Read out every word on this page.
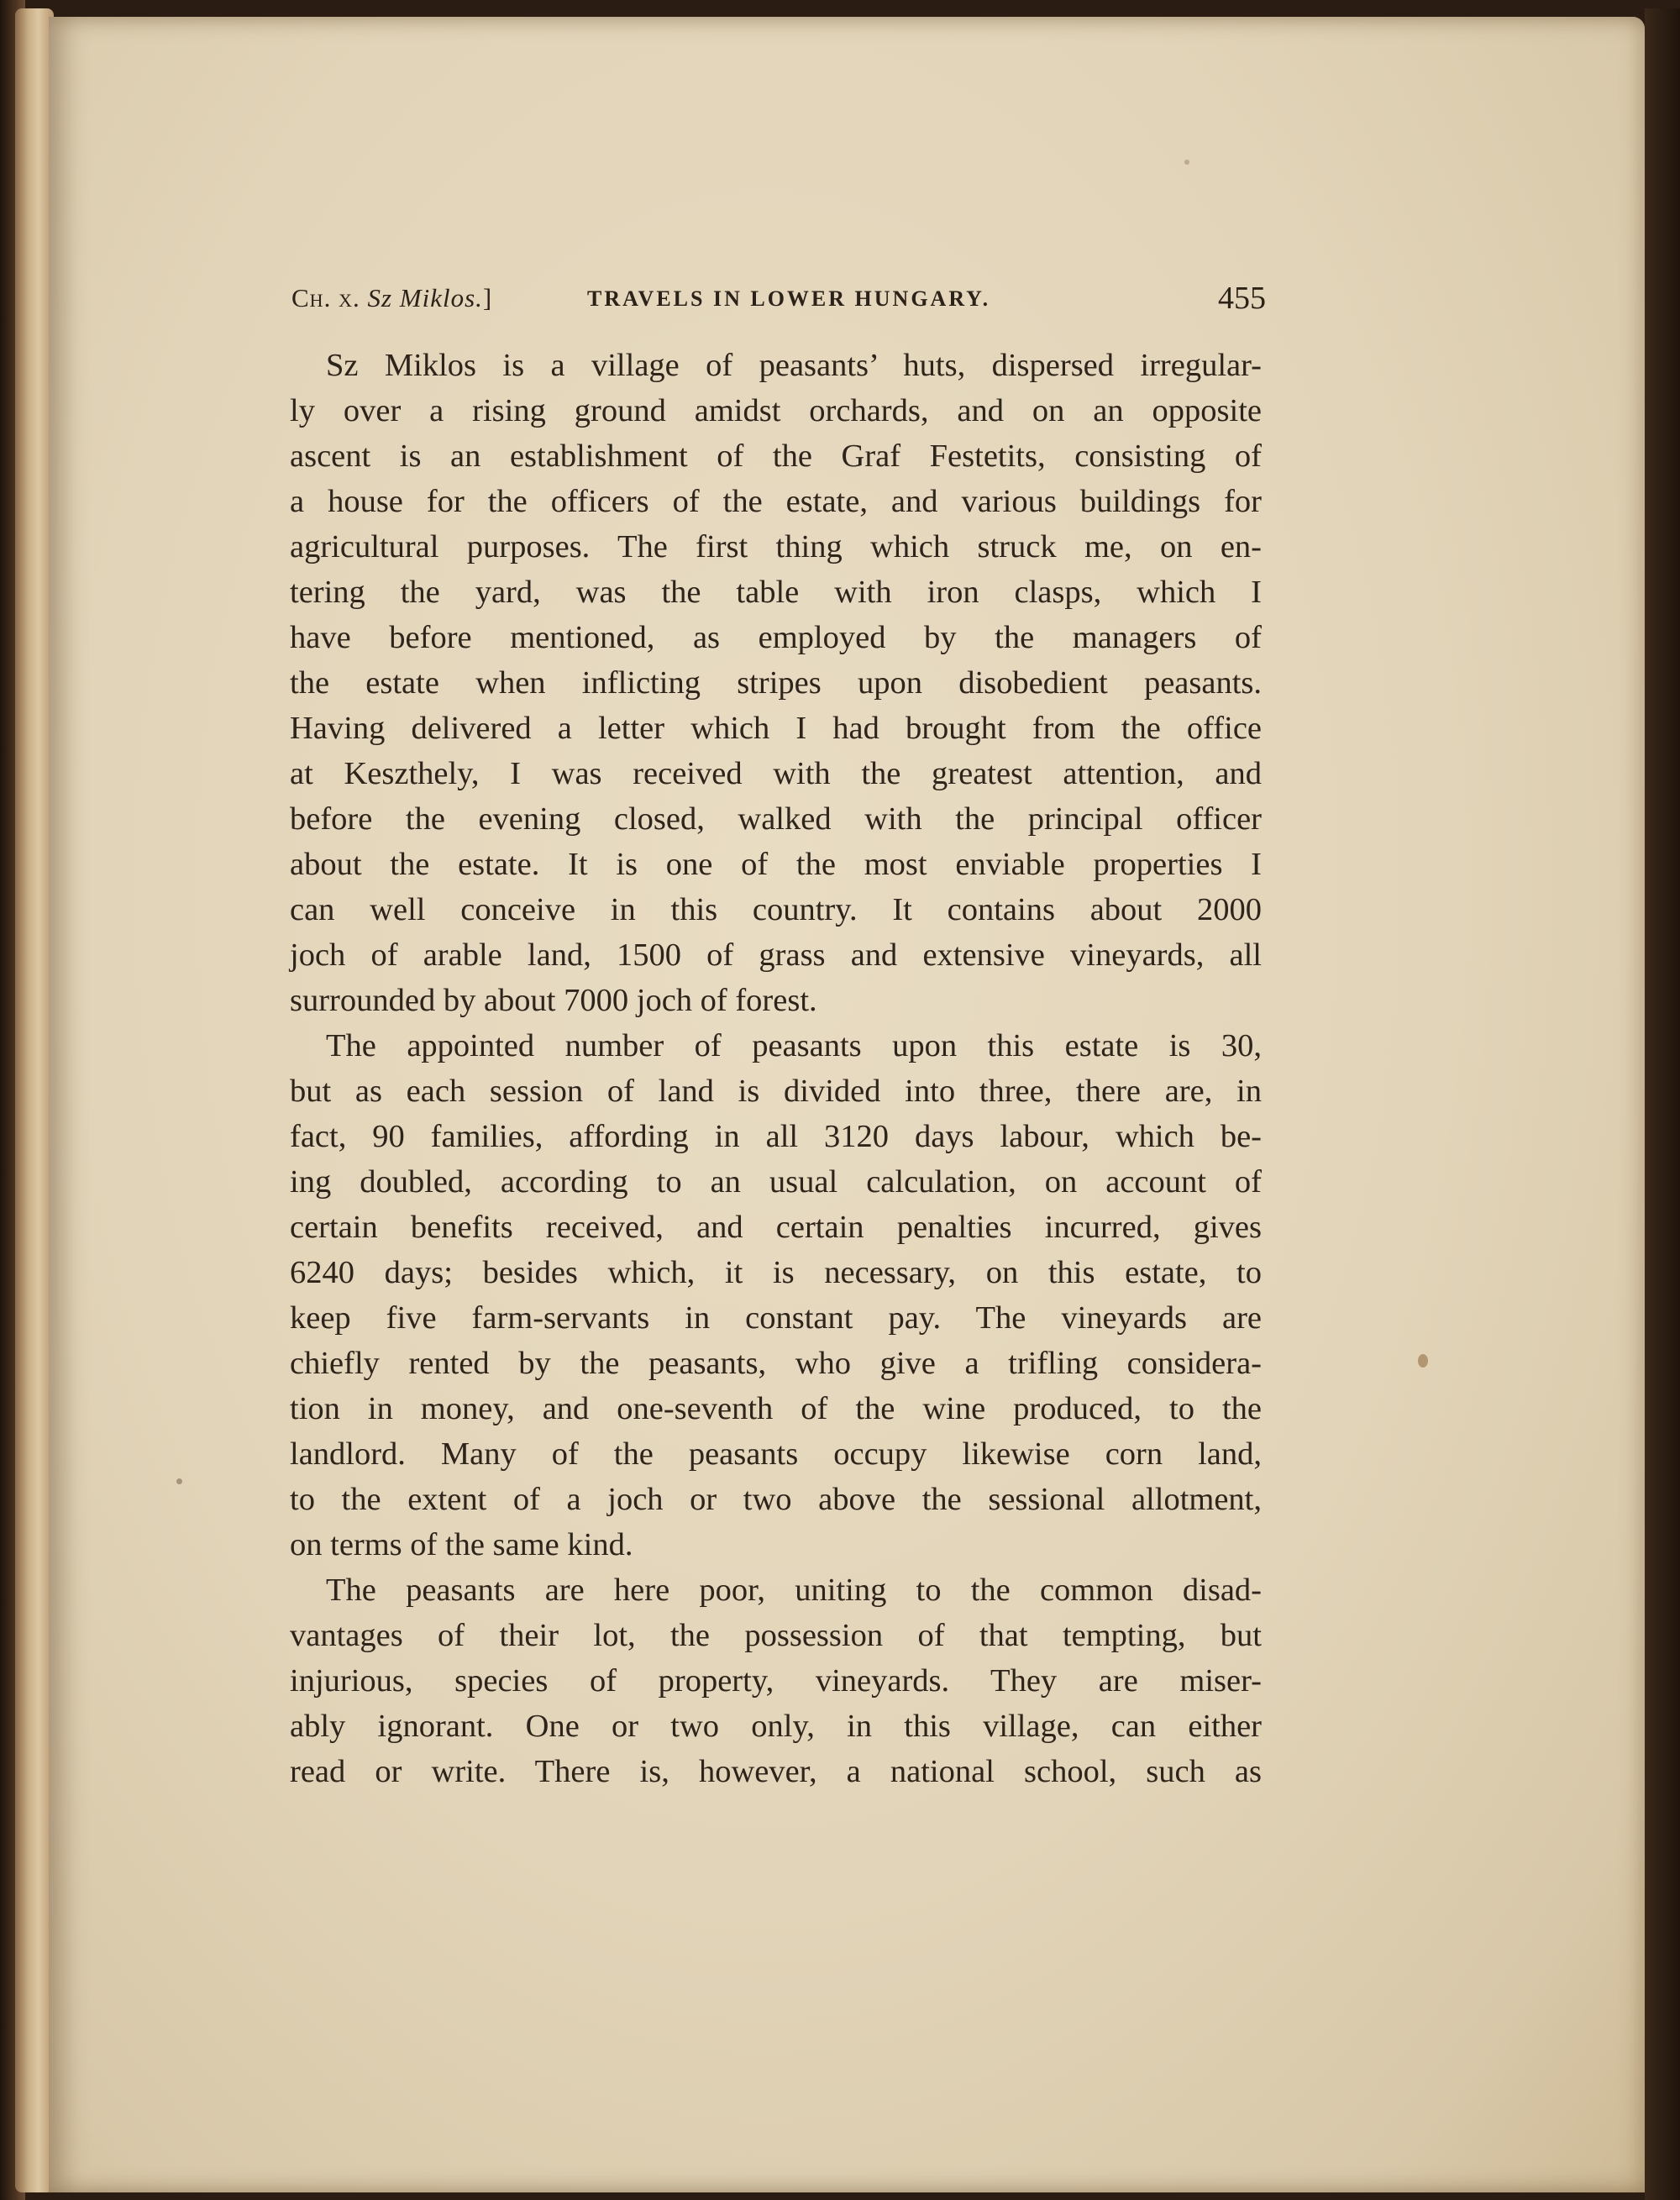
Ch. x. Sz Miklos.]	TRAVELS IN LOWER HUNGARY.	455
Sz Miklos is a village of peasants’ huts, dispersed irregular-
ly over a rising ground amidst orchards, and on an opposite
ascent is an establishment of the Graf Festetits, consisting of
a house for the officers of the estate, and various buildings for
agricultural purposes. The first thing which struck me, on en-
tering the yard, was the table with iron clasps, which I
have before mentioned, as employed by the managers of
the estate when inflicting stripes upon disobedient peasants.
Having delivered a letter which I had brought from the office
at Keszthely, I was received with the greatest attention, and
before the evening closed, walked with the principal officer
about the estate. It is one of the most enviable properties I
can well conceive in this country. It contains about 2000
joch of arable land, 1500 of grass and extensive vineyards, all
surrounded by about 7000 joch of forest.
The appointed number of peasants upon this estate is 30,
but as each session of land is divided into three, there are, in
fact, 90 families, affording in all 3120 days labour, which be-
ing doubled, according to an usual calculation, on account of
certain benefits received, and certain penalties incurred, gives
6240 days; besides which, it is necessary, on this estate, to
keep five farm-servants in constant pay. The vineyards are
chiefly rented by the peasants, who give a trifling considera-
tion in money, and one-seventh of the wine produced, to the
landlord. Many of the peasants occupy likewise corn land,
to the extent of a joch or two above the sessional allotment,
on terms of the same kind.
The peasants are here poor, uniting to the common disad-
vantages of their lot, the possession of that tempting, but
injurious, species of property, vineyards. They are miser-
ably ignorant. One or two only, in this village, can either
read or write. There is, however, a national school, such as
